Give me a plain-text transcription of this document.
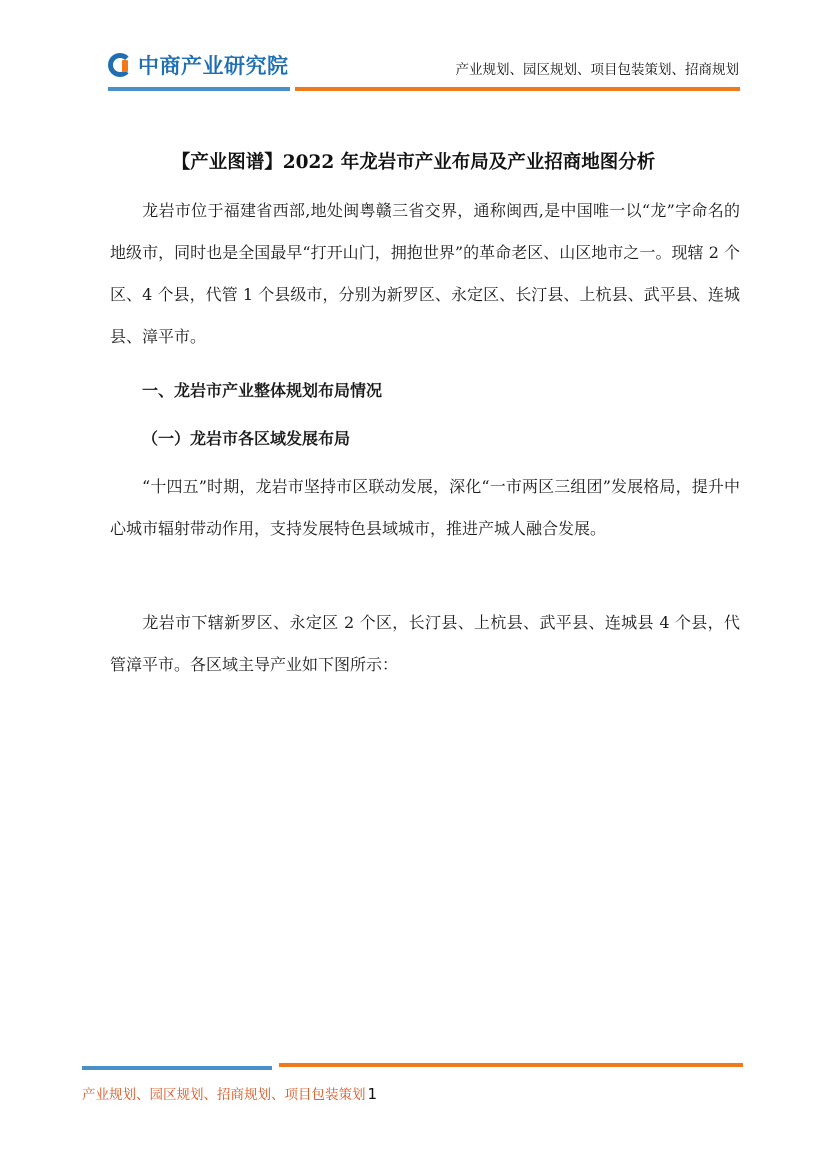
中商产业研究院	产业规划、园区规划、项目包装策划、招商规划
【产业图谱】2022 年龙岩市产业布局及产业招商地图分析
龙岩市位于福建省西部,地处闽粤赣三省交界，通称闽西,是中国唯一以“龙”字命名的地级市，同时也是全国最早“打开山门，拥抱世界”的革命老区、山区地市之一。现辖 2 个区、4 个县，代管 1 个县级市，分别为新罗区、永定区、长汀县、上杭县、武平县、连城县、漳平市。
一、龙岩市产业整体规划布局情况
（一）龙岩市各区域发展布局
“十四五”时期，龙岩市坚持市区联动发展，深化“一市两区三组团”发展格局，提升中心城市辐射带动作用，支持发展特色县域城市，推进产城人融合发展。
龙岩市下辖新罗区、永定区 2 个区，长汀县、上杭县、武平县、连城县 4 个县，代管漳平市。各区域主导产业如下图所示：
产业规划、园区规划、招商规划、项目包装策划 1
